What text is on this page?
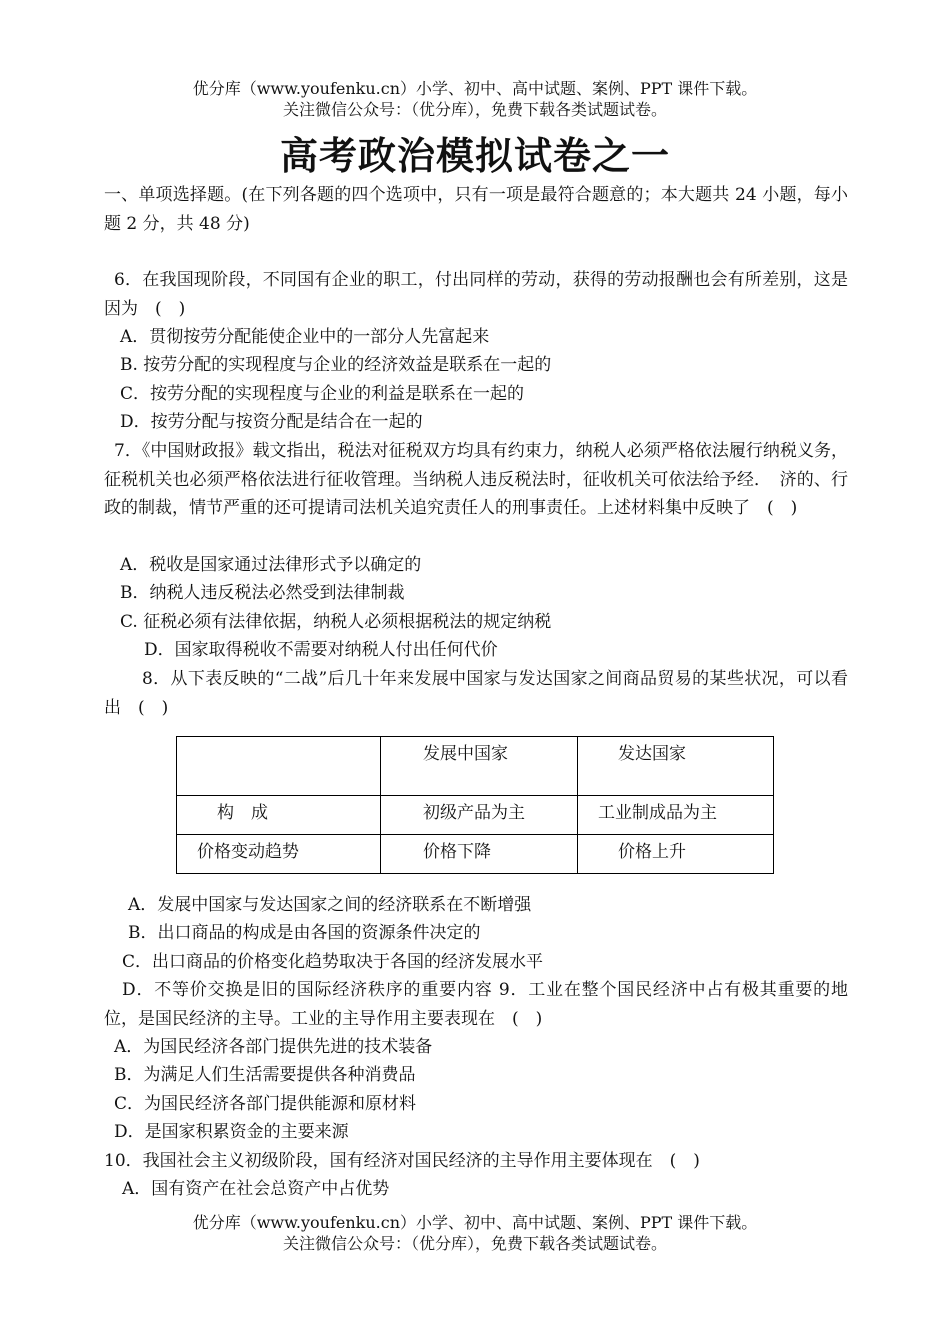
优分库（www.youfenku.cn）小学、初中、高中试题、案例、PPT 课件下载。
关注微信公众号：（优分库），免费下载各类试题试卷。
高考政治模拟试卷之一

一、单项选择题。(在下列各题的四个选项中，只有一项是最符合题意的；本大题共 24 小题，每小题 2 分，共 48 分)

6．在我国现阶段，不同国有企业的职工，付出同样的劳动，获得的劳动报酬也会有所差别，这是因为　(　)

A．贯彻按劳分配能使企业中的一部分人先富起来

B. 按劳分配的实现程度与企业的经济效益是联系在一起的

C．按劳分配的实现程度与企业的利益是联系在一起的

D．按劳分配与按资分配是结合在一起的

7．《中国财政报》载文指出，税法对征税双方均具有约束力，纳税人必须严格依法履行纳税义务，征税机关也必须严格依法进行征收管理。当纳税人违反税法时，征收机关可依法给予经．　济的、行政的制裁，情节严重的还可提请司法机关追究责任人的刑事责任。上述材料集中反映了　(　)

A．税收是国家通过法律形式予以确定的

B．纳税人违反税法必然受到法律制裁

C. 征税必须有法律依据，纳税人必须根据税法的规定纳税

D．国家取得税收不需要对纳税人付出任何代价

8．从下表反映的“二战”后几十年来发展中国家与发达国家之间商品贸易的某些状况，可以看出　(　)

	发展中国家	发达国家

构　成	初级产品为主	工业制成品为主

价格变动趋势	价格下降	价格上升

A．发展中国家与发达国家之间的经济联系在不断增强

B．出口商品的构成是由各国的资源条件决定的

C．出口商品的价格变化趋势取决于各国的经济发展水平

D．不等价交换是旧的国际经济秩序的重要内容 9．工业在整个国民经济中占有极其重要的地位，是国民经济的主导。工业的主导作用主要表现在　(　)

A．为国民经济各部门提供先进的技术装备

B．为满足人们生活需要提供各种消费品

C．为国民经济各部门提供能源和原材料

D．是国家积累资金的主要来源

10．我国社会主义初级阶段，国有经济对国民经济的主导作用主要体现在　(　)

A．国有资产在社会总资产中占优势

优分库（www.youfenku.cn）小学、初中、高中试题、案例、PPT 课件下载。
关注微信公众号：（优分库），免费下载各类试题试卷。
